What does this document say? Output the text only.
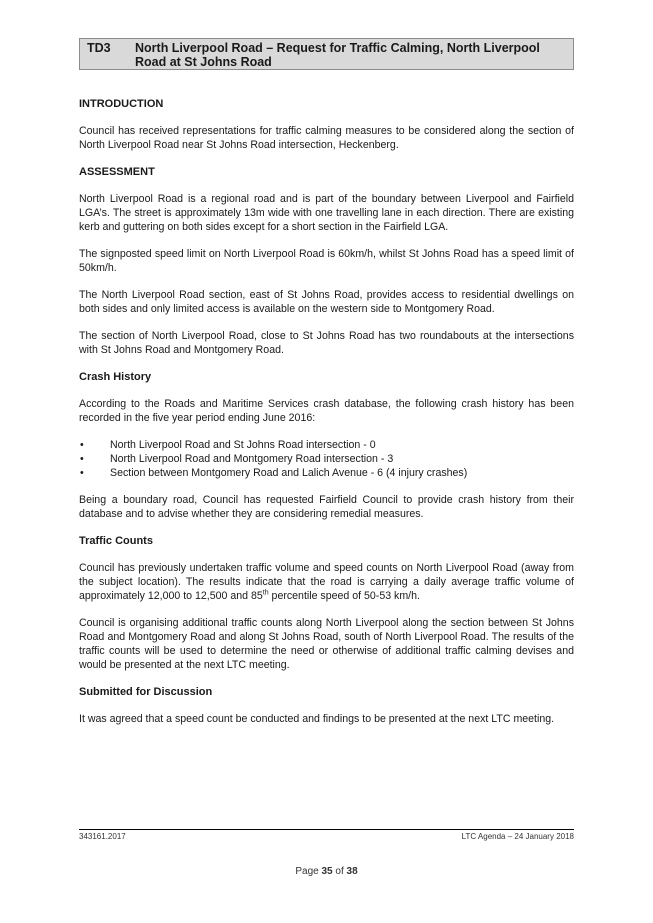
TD3 North Liverpool Road – Request for Traffic Calming, North Liverpool Road at St Johns Road
INTRODUCTION
Council has received representations for traffic calming measures to be considered along the section of North Liverpool Road near St Johns Road intersection, Heckenberg.
ASSESSMENT
North Liverpool Road is a regional road and is part of the boundary between Liverpool and Fairfield LGA’s. The street is approximately 13m wide with one travelling lane in each direction. There are existing kerb and guttering on both sides except for a short section in the Fairfield LGA.
The signposted speed limit on North Liverpool Road is 60km/h, whilst St Johns Road has a speed limit of 50km/h.
The North Liverpool Road section, east of St Johns Road, provides access to residential dwellings on both sides and only limited access is available on the western side to Montgomery Road.
The section of North Liverpool Road, close to St Johns Road has two roundabouts at the intersections with St Johns Road and Montgomery Road.
Crash History
According to the Roads and Maritime Services crash database, the following crash history has been recorded in the five year period ending June 2016:
• North Liverpool Road and St Johns Road intersection - 0
• North Liverpool Road and Montgomery Road intersection - 3
• Section between Montgomery Road and Lalich Avenue - 6 (4 injury crashes)
Being a boundary road, Council has requested Fairfield Council to provide crash history from their database and to advise whether they are considering remedial measures.
Traffic Counts
Council has previously undertaken traffic volume and speed counts on North Liverpool Road (away from the subject location). The results indicate that the road is carrying a daily average traffic volume of approximately 12,000 to 12,500 and 85th percentile speed of 50-53 km/h.
Council is organising additional traffic counts along North Liverpool along the section between St Johns Road and Montgomery Road and along St Johns Road, south of North Liverpool Road. The results of the traffic counts will be used to determine the need or otherwise of additional traffic calming devises and would be presented at the next LTC meeting.
Submitted for Discussion
It was agreed that a speed count be conducted and findings to be presented at the next LTC meeting.
343161.2017	LTC Agenda – 24 January 2018
Page 35 of 38
